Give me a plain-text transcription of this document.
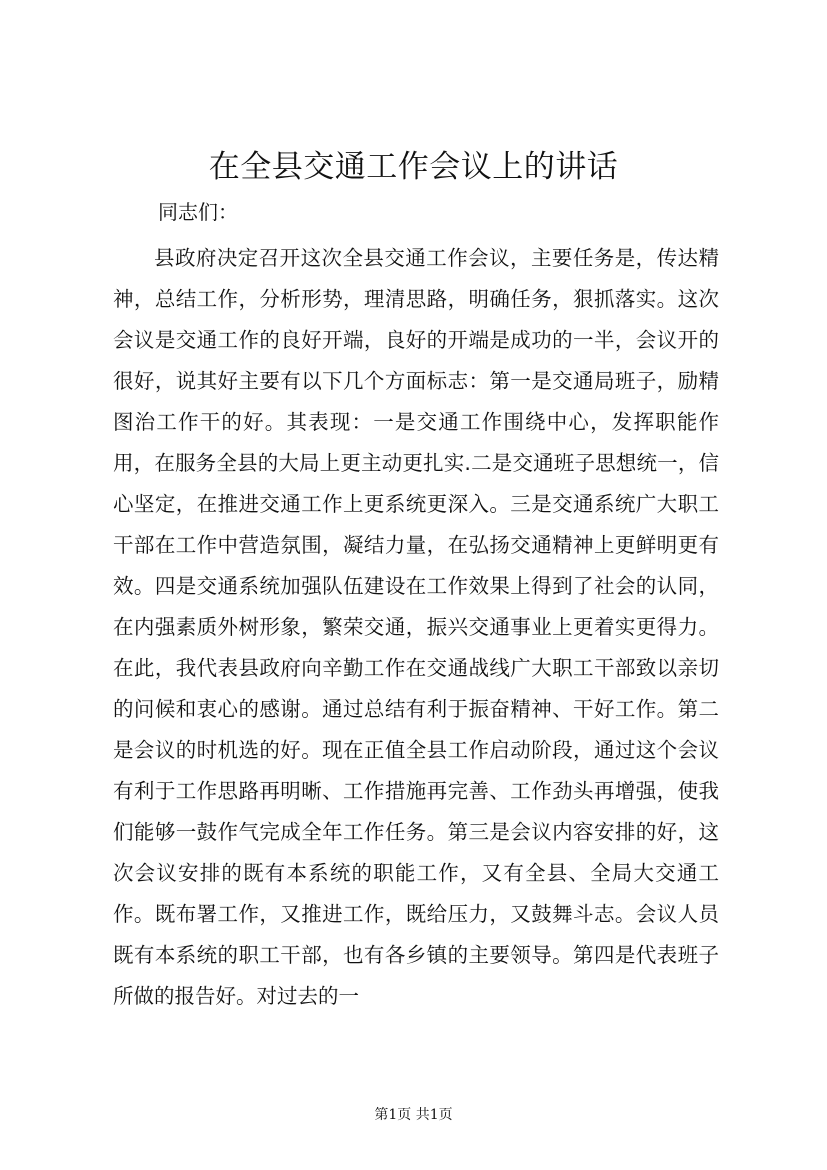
在全县交通工作会议上的讲话

同志们：

县政府决定召开这次全县交通工作会议，主要任务是，传达精神，总结工作，分析形势，理清思路，明确任务，狠抓落实。这次会议是交通工作的良好开端，良好的开端是成功的一半，会议开的很好，说其好主要有以下几个方面标志：第一是交通局班子，励精图治工作干的好。其表现：一是交通工作围绕中心，发挥职能作用，在服务全县的大局上更主动更扎实.二是交通班子思想统一，信心坚定，在推进交通工作上更系统更深入。三是交通系统广大职工干部在工作中营造氛围，凝结力量，在弘扬交通精神上更鲜明更有效。四是交通系统加强队伍建设在工作效果上得到了社会的认同，在内强素质外树形象，繁荣交通，振兴交通事业上更着实更得力。在此，我代表县政府向辛勤工作在交通战线广大职工干部致以亲切的问候和衷心的感谢。通过总结有利于振奋精神、干好工作。第二是会议的时机选的好。现在正值全县工作启动阶段，通过这个会议有利于工作思路再明晰、工作措施再完善、工作劲头再增强，使我们能够一鼓作气完成全年工作任务。第三是会议内容安排的好，这次会议安排的既有本系统的职能工作，又有全县、全局大交通工作。既布署工作，又推进工作，既给压力，又鼓舞斗志。会议人员既有本系统的职工干部，也有各乡镇的主要领导。第四是代表班子所做的报告好。对过去的一

第1页 共1页
